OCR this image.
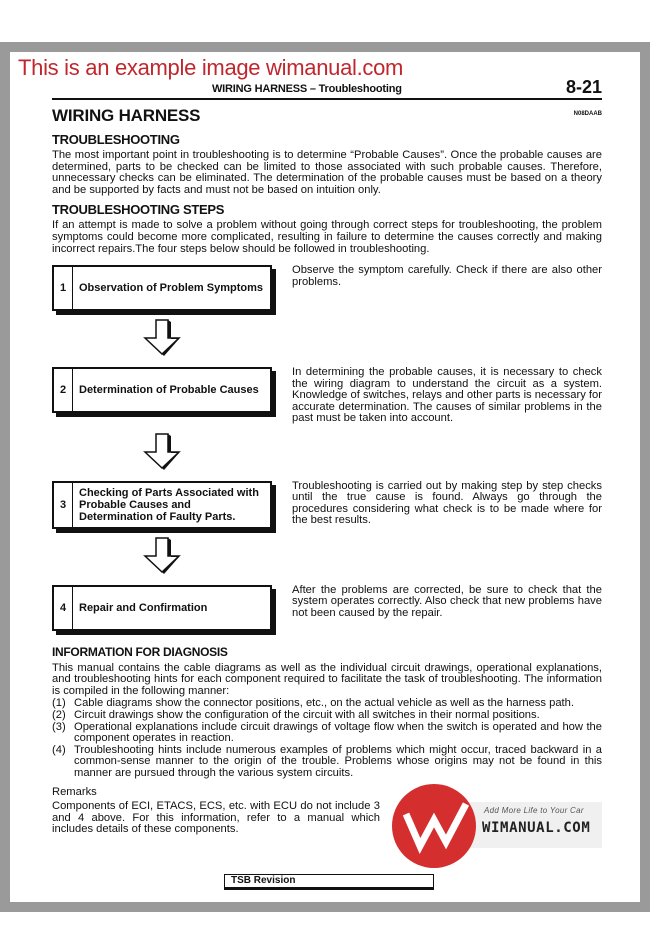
This is an example image wimanual.com
WIRING HARNESS – Troubleshooting	8-21
WIRING HARNESS	N08DAAB
TROUBLESHOOTING
The most important point in troubleshooting is to determine “Probable Causes”. Once the probable causes are determined, parts to be checked can be limited to those associated with such probable causes. Therefore, unnecessary checks can be eliminated. The determination of the probable causes must be based on a theory and be supported by facts and must not be based on intuition only.
TROUBLESHOOTING STEPS
If an attempt is made to solve a problem without going through correct steps for troubleshooting, the problem symptoms could become more complicated, resulting in failure to determine the causes correctly and making incorrect repairs.The four steps below should be followed in troubleshooting.
1	Observation of Problem Symptoms
Observe the symptom carefully. Check if there are also other problems.
2	Determination of Probable Causes
In determining the probable causes, it is necessary to check the wiring diagram to understand the circuit as a system. Knowledge of switches, relays and other parts is necessary for accurate determination. The causes of similar problems in the past must be taken into account.
3
Checking of Parts Associated with Probable Causes and Determination of Faulty Parts.
Troubleshooting is carried out by making step by step checks until the true cause is found. Always go through the procedures considering what check is to be made where for the best results.
4	Repair and Confirmation
After the problems are corrected, be sure to check that the system operates correctly. Also check that new problems have not been caused by the repair.
INFORMATION FOR DIAGNOSIS
This manual contains the cable diagrams as well as the individual circuit drawings, operational explanations, and troubleshooting hints for each component required to facilitate the task of troubleshooting. The information is compiled in the following manner:
(1) Cable diagrams show the connector positions, etc., on the actual vehicle as well as the harness path.
(2) Circuit drawings show the configuration of the circuit with all switches in their normal positions.
(3) Operational explanations include circuit drawings of voltage flow when the switch is operated and how the component operates in reaction.
(4) Troubleshooting hints include numerous examples of problems which might occur, traced backward in a common-sense manner to the origin of the trouble. Problems whose origins may not be found in this manner are pursued through the various system circuits.
Remarks
Components of ECI, ETACS, ECS, etc. with ECU do not include 3 and 4 above. For this information, refer to a manual which includes details of these components.
Add More Life to Your Car
WIMANUAL.COM
TSB Revision
